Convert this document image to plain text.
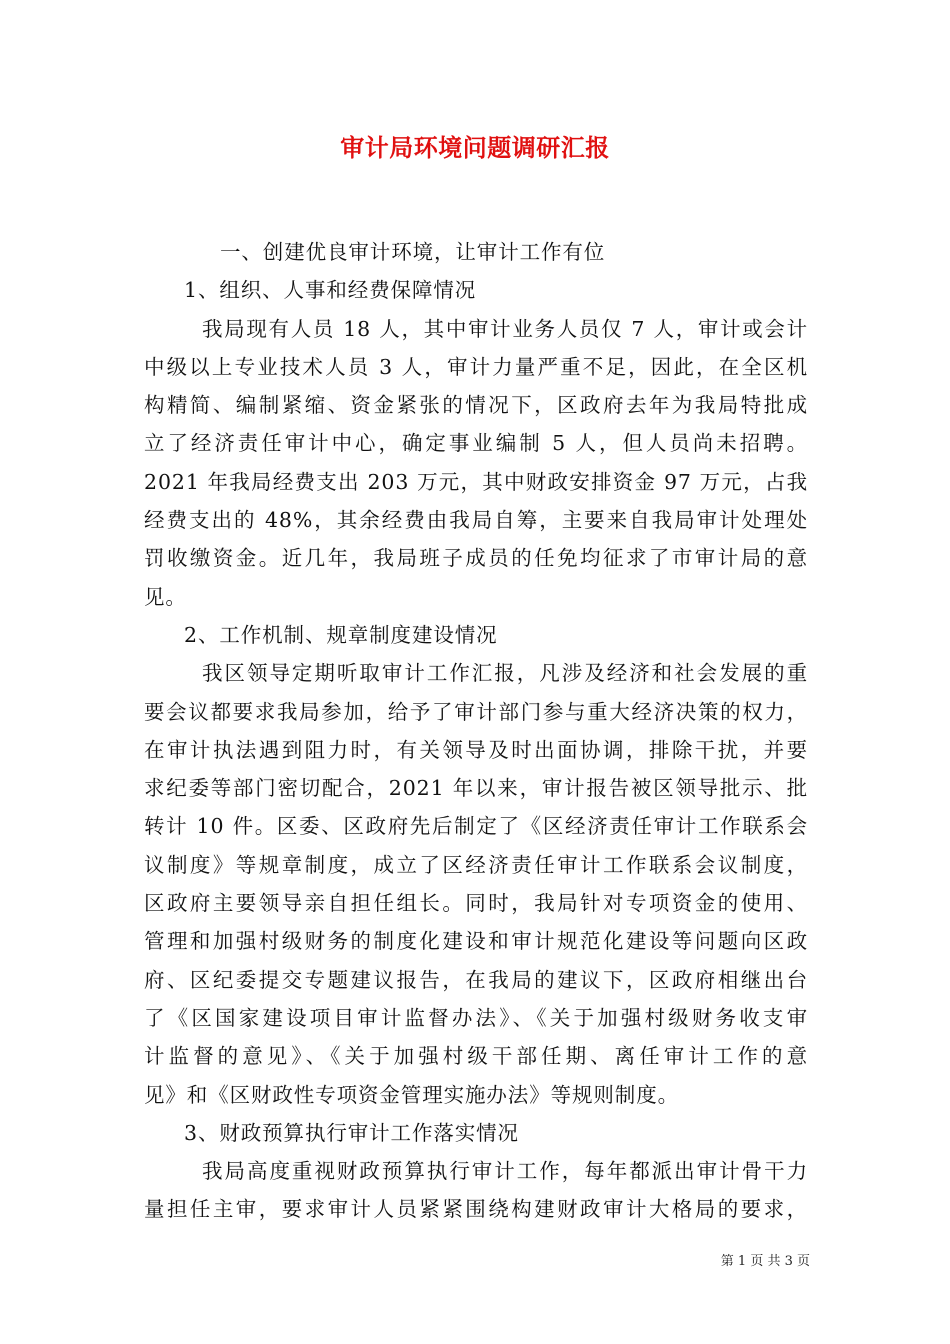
审计局环境问题调研汇报
一、创建优良审计环境，让审计工作有位
1、组织、人事和经费保障情况
我局现有人员 18 人，其中审计业务人员仅 7 人，审计或会计
中级以上专业技术人员 3 人，审计力量严重不足，因此，在全区机
构精简、编制紧缩、资金紧张的情况下，区政府去年为我局特批成
立了经济责任审计中心，确定事业编制 5 人，但人员尚未招聘。
2021 年我局经费支出 203 万元，其中财政安排资金 97 万元，占我
经费支出的 48%，其余经费由我局自筹，主要来自我局审计处理处
罚收缴资金。近几年，我局班子成员的任免均征求了市审计局的意
见。
2、工作机制、规章制度建设情况
我区领导定期听取审计工作汇报，凡涉及经济和社会发展的重
要会议都要求我局参加，给予了审计部门参与重大经济决策的权力，
在审计执法遇到阻力时，有关领导及时出面协调，排除干扰，并要
求纪委等部门密切配合，2021 年以来，审计报告被区领导批示、批
转计 10 件。区委、区政府先后制定了《区经济责任审计工作联系会
议制度》等规章制度，成立了区经济责任审计工作联系会议制度，
区政府主要领导亲自担任组长。同时，我局针对专项资金的使用、
管理和加强村级财务的制度化建设和审计规范化建设等问题向区政
府、区纪委提交专题建议报告，在我局的建议下，区政府相继出台
了《区国家建设项目审计监督办法》、《关于加强村级财务收支审
计监督的意见》、《关于加强村级干部任期、离任审计工作的意
见》和《区财政性专项资金管理实施办法》等规则制度。
3、财政预算执行审计工作落实情况
我局高度重视财政预算执行审计工作，每年都派出审计骨干力
量担任主审，要求审计人员紧紧围绕构建财政审计大格局的要求，
第 1 页 共 3 页
